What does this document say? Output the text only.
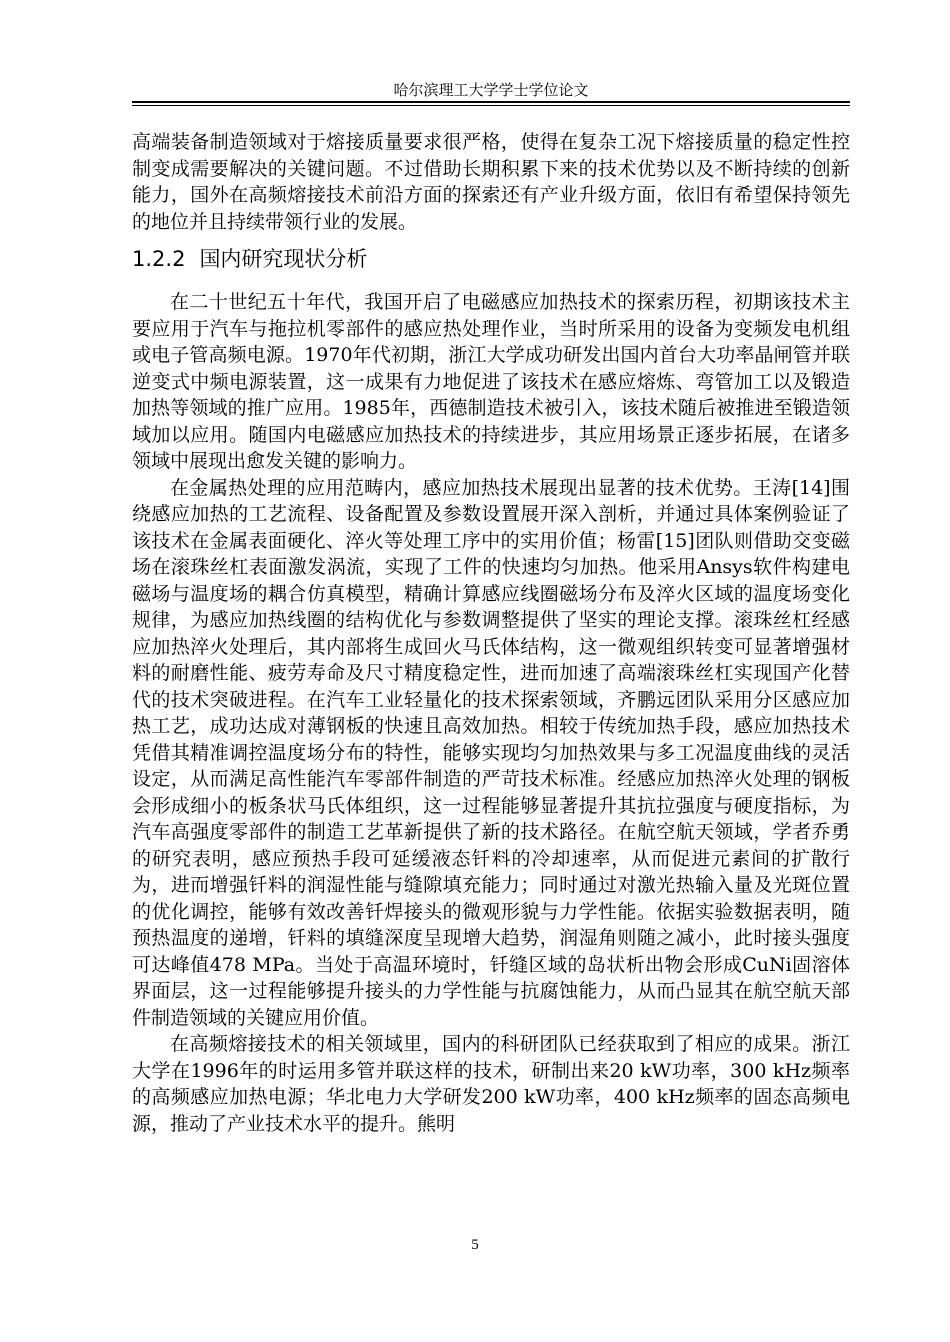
哈尔滨理工大学学士学位论文

高端装备制造领域对于熔接质量要求很严格，使得在复杂工况下熔接质量的稳定性控制变成需要解决的关键问题。不过借助长期积累下来的技术优势以及不断持续的创新能力，国外在高频熔接技术前沿方面的探索还有产业升级方面，依旧有希望保持领先的地位并且持续带领行业的发展。

1.2.2 国内研究现状分析

在二十世纪五十年代，我国开启了电磁感应加热技术的探索历程，初期该技术主要应用于汽车与拖拉机零部件的感应热处理作业，当时所采用的设备为变频发电机组或电子管高频电源。1970年代初期，浙江大学成功研发出国内首台大功率晶闸管并联逆变式中频电源装置，这一成果有力地促进了该技术在感应熔炼、弯管加工以及锻造加热等领域的推广应用。1985年，西德制造技术被引入，该技术随后被推进至锻造领域加以应用。随国内电磁感应加热技术的持续进步，其应用场景正逐步拓展，在诸多领域中展现出愈发关键的影响力。

在金属热处理的应用范畴内，感应加热技术展现出显著的技术优势。王涛[14]围绕感应加热的工艺流程、设备配置及参数设置展开深入剖析，并通过具体案例验证了该技术在金属表面硬化、淬火等处理工序中的实用价值；杨雷[15]团队则借助交变磁场在滚珠丝杠表面激发涡流，实现了工件的快速均匀加热。他采用Ansys软件构建电磁场与温度场的耦合仿真模型，精确计算感应线圈磁场分布及淬火区域的温度场变化规律，为感应加热线圈的结构优化与参数调整提供了坚实的理论支撑。滚珠丝杠经感应加热淬火处理后，其内部将生成回火马氏体结构，这一微观组织转变可显著增强材料的耐磨性能、疲劳寿命及尺寸精度稳定性，进而加速了高端滚珠丝杠实现国产化替代的技术突破进程。在汽车工业轻量化的技术探索领域，齐鹏远团队采用分区感应加热工艺，成功达成对薄钢板的快速且高效加热。相较于传统加热手段，感应加热技术凭借其精准调控温度场分布的特性，能够实现均匀加热效果与多工况温度曲线的灵活设定，从而满足高性能汽车零部件制造的严苛技术标准。经感应加热淬火处理的钢板会形成细小的板条状马氏体组织，这一过程能够显著提升其抗拉强度与硬度指标，为汽车高强度零部件的制造工艺革新提供了新的技术路径。在航空航天领域，学者乔勇的研究表明，感应预热手段可延缓液态钎料的冷却速率，从而促进元素间的扩散行为，进而增强钎料的润湿性能与缝隙填充能力；同时通过对激光热输入量及光斑位置的优化调控，能够有效改善钎焊接头的微观形貌与力学性能。依据实验数据表明，随预热温度的递增，钎料的填缝深度呈现增大趋势，润湿角则随之减小，此时接头强度可达峰值478 MPa。当处于高温环境时，钎缝区域的岛状析出物会形成CuNi固溶体界面层，这一过程能够提升接头的力学性能与抗腐蚀能力，从而凸显其在航空航天部件制造领域的关键应用价值。

在高频熔接技术的相关领域里，国内的科研团队已经获取到了相应的成果。浙江大学在1996年的时运用多管并联这样的技术，研制出来20 kW功率，300 kHz频率的高频感应加热电源；华北电力大学研发200 kW功率，400 kHz频率的固态高频电源，推动了产业技术水平的提升。熊明

5
